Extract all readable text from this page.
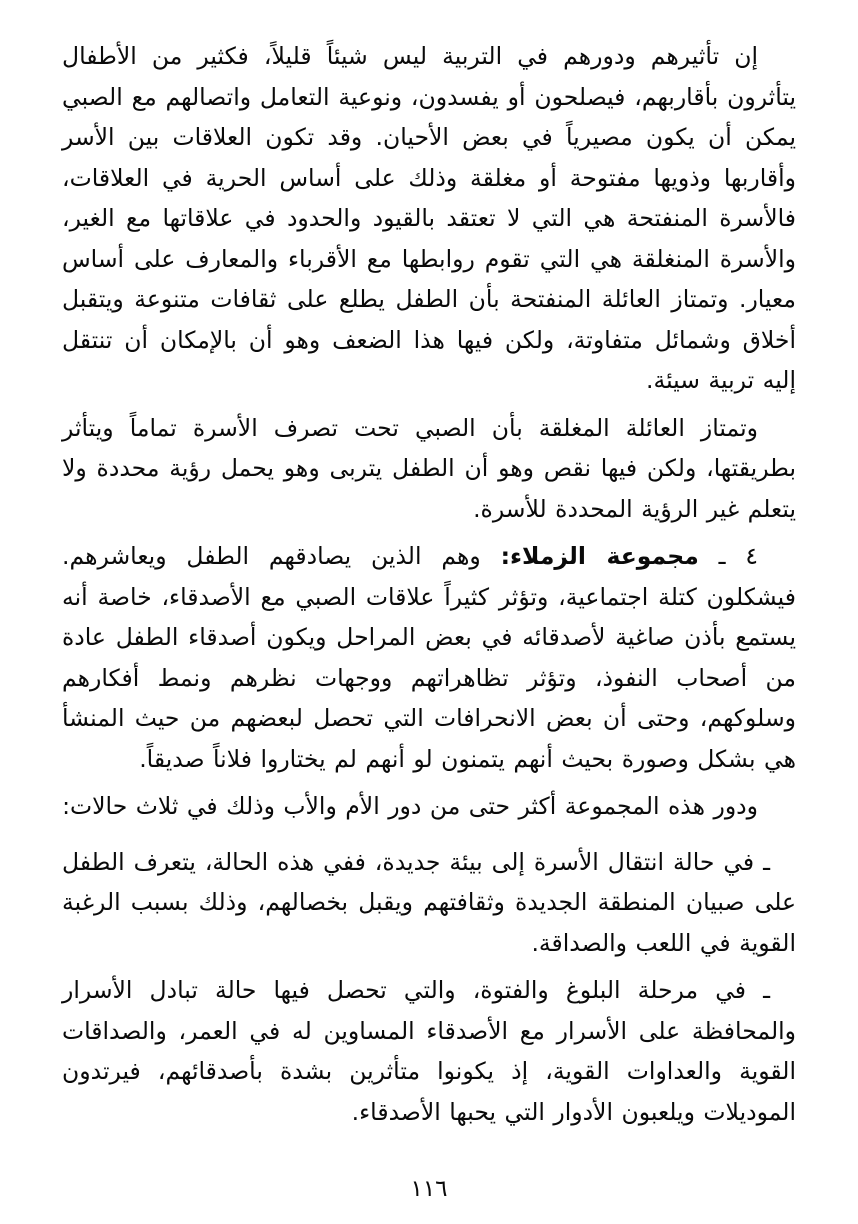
إن تأثيرهم ودورهم في التربية ليس شيئاً قليلاً، فكثير من الأطفال يتأثرون بأقاربهم، فيصلحون أو يفسدون، ونوعية التعامل واتصالهم مع الصبي يمكن أن يكون مصيرياً في بعض الأحيان. وقد تكون العلاقات بين الأسر وأقاربها وذويها مفتوحة أو مغلقة وذلك على أساس الحرية في العلاقات، فالأسرة المنفتحة هي التي لا تعتقد بالقيود والحدود في علاقاتها مع الغير، والأسرة المنغلقة هي التي تقوم روابطها مع الأقرباء والمعارف على أساس معيار. وتمتاز العائلة المنفتحة بأن الطفل يطلع على ثقافات متنوعة ويتقبل أخلاق وشمائل متفاوتة، ولكن فيها هذا الضعف وهو أن بالإمكان أن تنتقل إليه تربية سيئة.

وتمتاز العائلة المغلقة بأن الصبي تحت تصرف الأسرة تماماً ويتأثر بطريقتها، ولكن فيها نقص وهو أن الطفل يتربى وهو يحمل رؤية محددة ولا يتعلم غير الرؤية المحددة للأسرة.

٤ ـ مجموعة الزملاء: وهم الذين يصادقهم الطفل ويعاشرهم. فيشكلون كتلة اجتماعية، وتؤثر كثيراً علاقات الصبي مع الأصدقاء، خاصة أنه يستمع بأذن صاغية لأصدقائه في بعض المراحل ويكون أصدقاء الطفل عادة من أصحاب النفوذ، وتؤثر تظاهراتهم ووجهات نظرهم ونمط أفكارهم وسلوكهم، وحتى أن بعض الانحرافات التي تحصل لبعضهم من حيث المنشأ هي بشكل وصورة بحيث أنهم يتمنون لو أنهم لم يختاروا فلاناً صديقاً.

ودور هذه المجموعة أكثر حتى من دور الأم والأب وذلك في ثلاث حالات:

ـ في حالة انتقال الأسرة إلى بيئة جديدة، ففي هذه الحالة، يتعرف الطفل على صبيان المنطقة الجديدة وثقافتهم ويقبل بخصالهم، وذلك بسبب الرغبة القوية في اللعب والصداقة.

ـ في مرحلة البلوغ والفتوة، والتي تحصل فيها حالة تبادل الأسرار والمحافظة على الأسرار مع الأصدقاء المساوين له في العمر، والصداقات القوية والعداوات القوية، إذ يكونوا متأثرين بشدة بأصدقائهم، فيرتدون الموديلات ويلعبون الأدوار التي يحبها الأصدقاء.

١١٦
